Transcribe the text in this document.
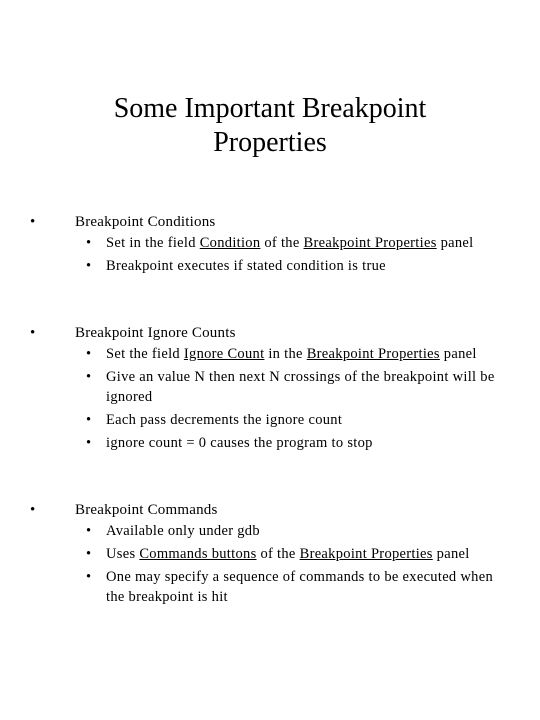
Some Important Breakpoint
Properties
•	Breakpoint Conditions
• Set in the field Condition of the Breakpoint Properties panel
• Breakpoint executes if stated condition is true
•	Breakpoint Ignore Counts
• Set the field Ignore Count in the Breakpoint Properties panel
• Give an value N then next N crossings of the breakpoint will be ignored
• Each pass decrements the ignore count
• ignore count = 0 causes the program to stop
•	Breakpoint Commands
• Available only under gdb
• Uses Commands buttons of the Breakpoint Properties panel
• One may specify a sequence of commands to be executed when the breakpoint is hit
